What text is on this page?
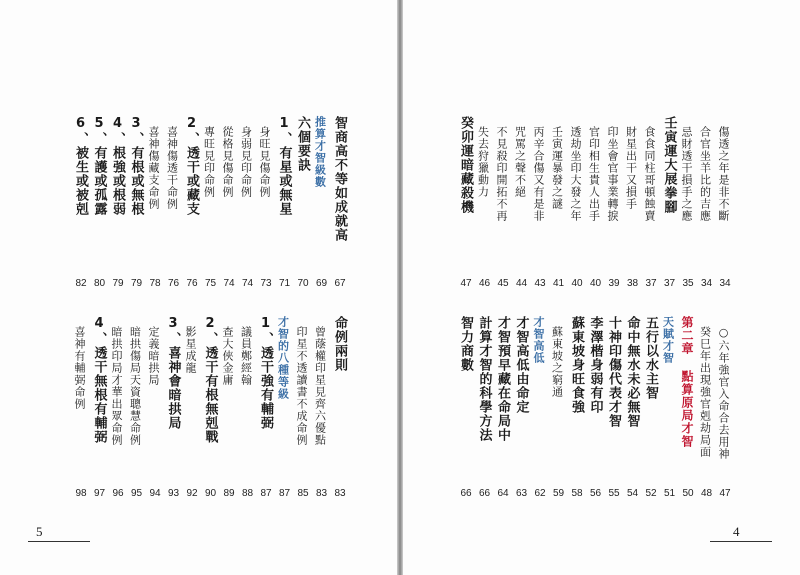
智商高不等如成就高
67
推算才智級數
69
六個要訣
70
1、有星或無星
71
身旺見傷命例
73
身弱見印命例
74
從格見傷命例
74
專旺見印命例
75
2、透干或藏支
76
喜神傷透干命例
76
喜神傷藏支命例
78
3、有根或無根
79
4、根強或根弱
79
5、有護或孤露
80
6、被生或被剋
82
命例兩則
83
曾蔭權印星見齊六優點
83
印星不透讀書不成命例
85
才智的八種等級
87
1、透干強有輔弼
87
議員鄭經翰
88
查大俠金庸
89
2、透干有根無剋戰
90
影星成龍
92
3、喜神會暗拱局
93
定義暗拱局
94
暗拱傷局天資聰慧命例
95
暗拱印局才華出眾命例
96
4、透干無根有輔弼
97
喜神有輔弼命例
98
傷透之年是非不斷
34
合官坐羊比的吉應
34
忌財透干損手之應
35
壬寅運大展拳腳
37
食食同柱哥頓蝕賣
37
財星出干又損手
38
印坐會官事業轉捩
39
官印相生貴人出手
40
透劫坐印大發之年
40
壬寅運暴發之謎
41
丙辛合傷又有是非
43
咒罵之聲不絕
44
不見殺印開拓不再
45
失去狩獵動力
46
癸卯運暗藏殺機
47
○六年強官入命合去用神
47
癸巳年出現強官剋劫局面
48
第二章 點算原局才智
50
天賦才智
51
五行以水主智
52
命中無水未必無智
54
十神印傷代表才智
55
李澤楷身弱有印
56
蘇東坡身旺食強
58
蘇東坡之窮通
59
才智高低
62
才智高低由命定
63
才智預早藏在命局中
64
計算才智的科學方法
66
智力商數
66
5	4
